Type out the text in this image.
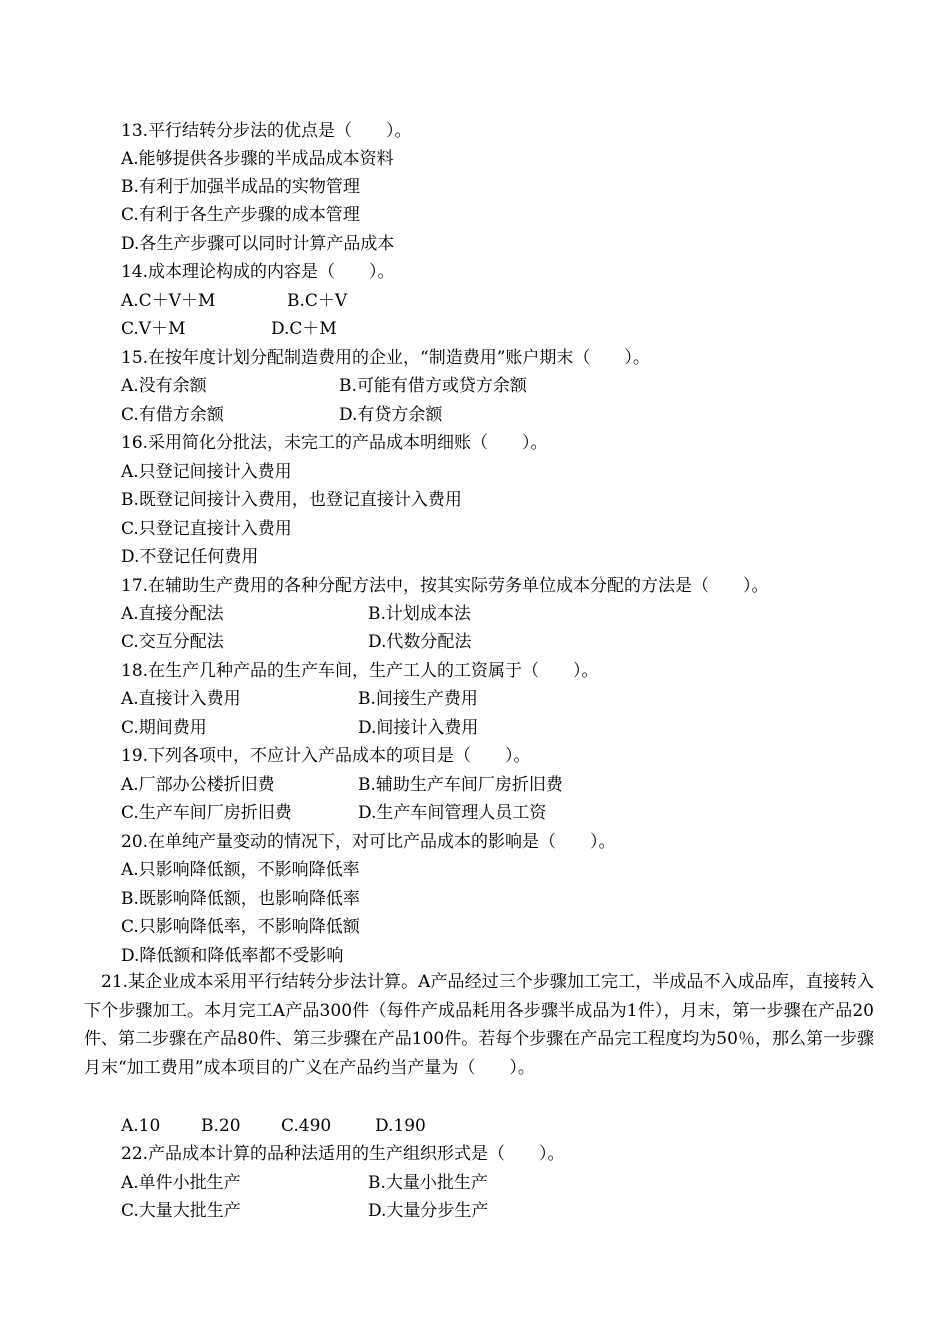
13.平行结转分步法的优点是（　　）。
A.能够提供各步骤的半成品成本资料
B.有利于加强半成品的实物管理
C.有利于各生产步骤的成本管理
D.各生产步骤可以同时计算产品成本
14.成本理论构成的内容是（　　）。
A.C＋V＋M	B.C＋V
C.V＋M	D.C＋M
15.在按年度计划分配制造费用的企业，“制造费用”账户期末（　　）。
A.没有余额	B.可能有借方或贷方余额
C.有借方余额	D.有贷方余额
16.采用简化分批法，未完工的产品成本明细账（　　）。
A.只登记间接计入费用
B.既登记间接计入费用，也登记直接计入费用
C.只登记直接计入费用
D.不登记任何费用
17.在辅助生产费用的各种分配方法中，按其实际劳务单位成本分配的方法是（　　）。
A.直接分配法	B.计划成本法
C.交互分配法	D.代数分配法
18.在生产几种产品的生产车间，生产工人的工资属于（　　）。
A.直接计入费用	B.间接生产费用
C.期间费用	D.间接计入费用
19.下列各项中，不应计入产品成本的项目是（　　）。
A.厂部办公楼折旧费	B.辅助生产车间厂房折旧费
C.生产车间厂房折旧费	D.生产车间管理人员工资
20.在单纯产量变动的情况下，对可比产品成本的影响是（　　）。
A.只影响降低额，不影响降低率
B.既影响降低额，也影响降低率
C.只影响降低率，不影响降低额
D.降低额和降低率都不受影响
21.某企业成本采用平行结转分步法计算。A产品经过三个步骤加工完工，半成品不入成品库，直接转入下个步骤加工。本月完工A产品300件（每件产成品耗用各步骤半成品为1件），月末，第一步骤在产品20件、第二步骤在产品80件、第三步骤在产品100件。若每个步骤在产品完工程度均为50％，那么第一步骤月末“加工费用”成本项目的广义在产品约当产量为（　　）。
A.10 B.20 C.490	D.190
22.产品成本计算的品种法适用的生产组织形式是（　　）。
A.单件小批生产	B.大量小批生产
C.大量大批生产	D.大量分步生产
